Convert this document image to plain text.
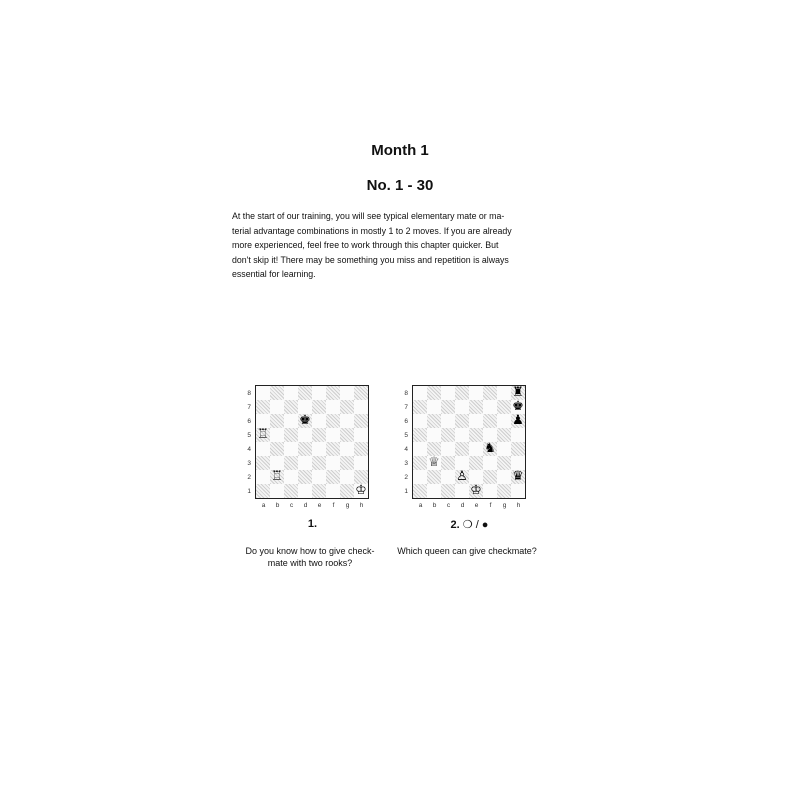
Month 1
No. 1 - 30
At the start of our training, you will see typical elementary mate or ma-
terial advantage combinations in mostly 1 to 2 moves. If you are already
more experienced, feel free to work through this chapter quicker. But
don't skip it! There may be something you miss and repetition is always
essential for learning.
♚
♖
♖
♔
1.
Do you know how to give check-
mate with two rooks?
8
7
6
5
4
3
2
1
a	b	c	d	e	f	g	h
♜
♚
♟
♞
♕
♙	♛
♔
2. ❍ / ●
Which queen can give checkmate?
8
7
6
5
4
3
2
1
a	b	c	d	e	f	g	h
